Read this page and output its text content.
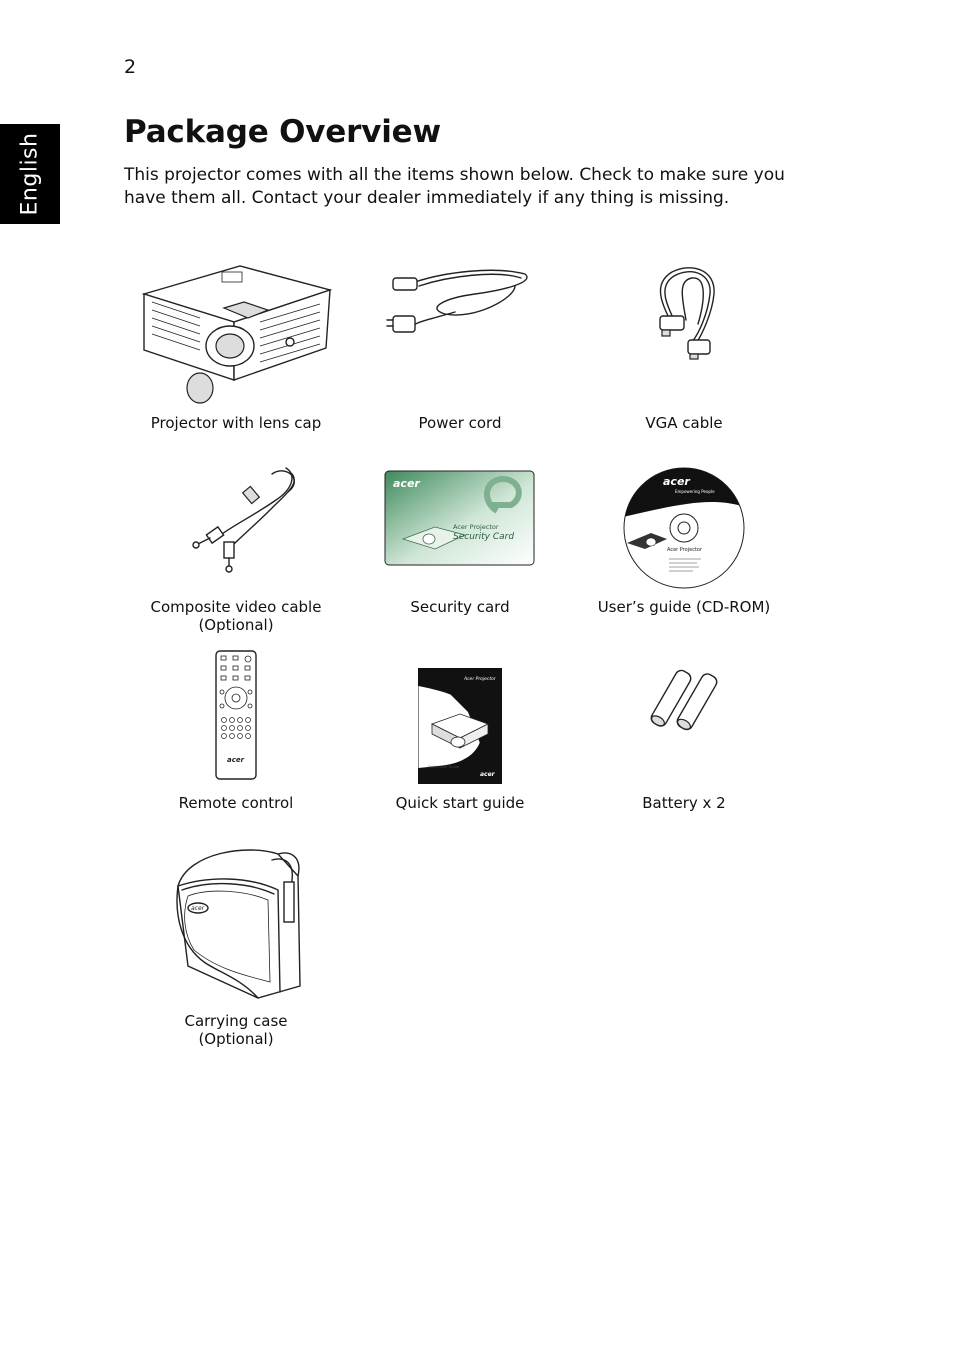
2
English
Package Overview

This projector comes with all the items shown below. Check to make sure you have them all. Contact your dealer immediately if any thing is missing.

Projector with lens cap	Power cord	VGA cable

Composite video cable

(Optional)

acer
Acer Projector
Security Card

Security card

acer
Empowering People
Acer Projector

User’s guide (CD-ROM)

acer

Remote control

Acer Projector
Quick Start Guide
acer

Quick start guide	Battery x 2

acer

Carrying case

(Optional)
